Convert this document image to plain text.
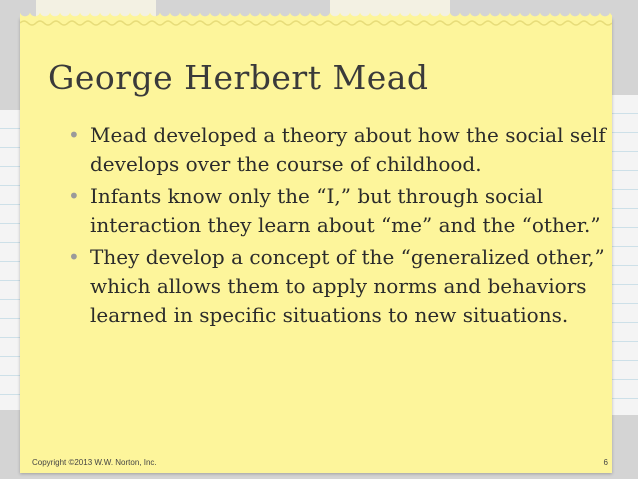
George Herbert Mead
• Mead developed a theory about how the social self develops over the course of childhood.
• Infants know only the “I,” but through social interaction they learn about “me” and the “other.”
• They develop a concept of the “generalized other,” which allows them to apply norms and behaviors learned in specific situations to new situations.
Copyright ©2013 W.W. Norton, Inc.	6
